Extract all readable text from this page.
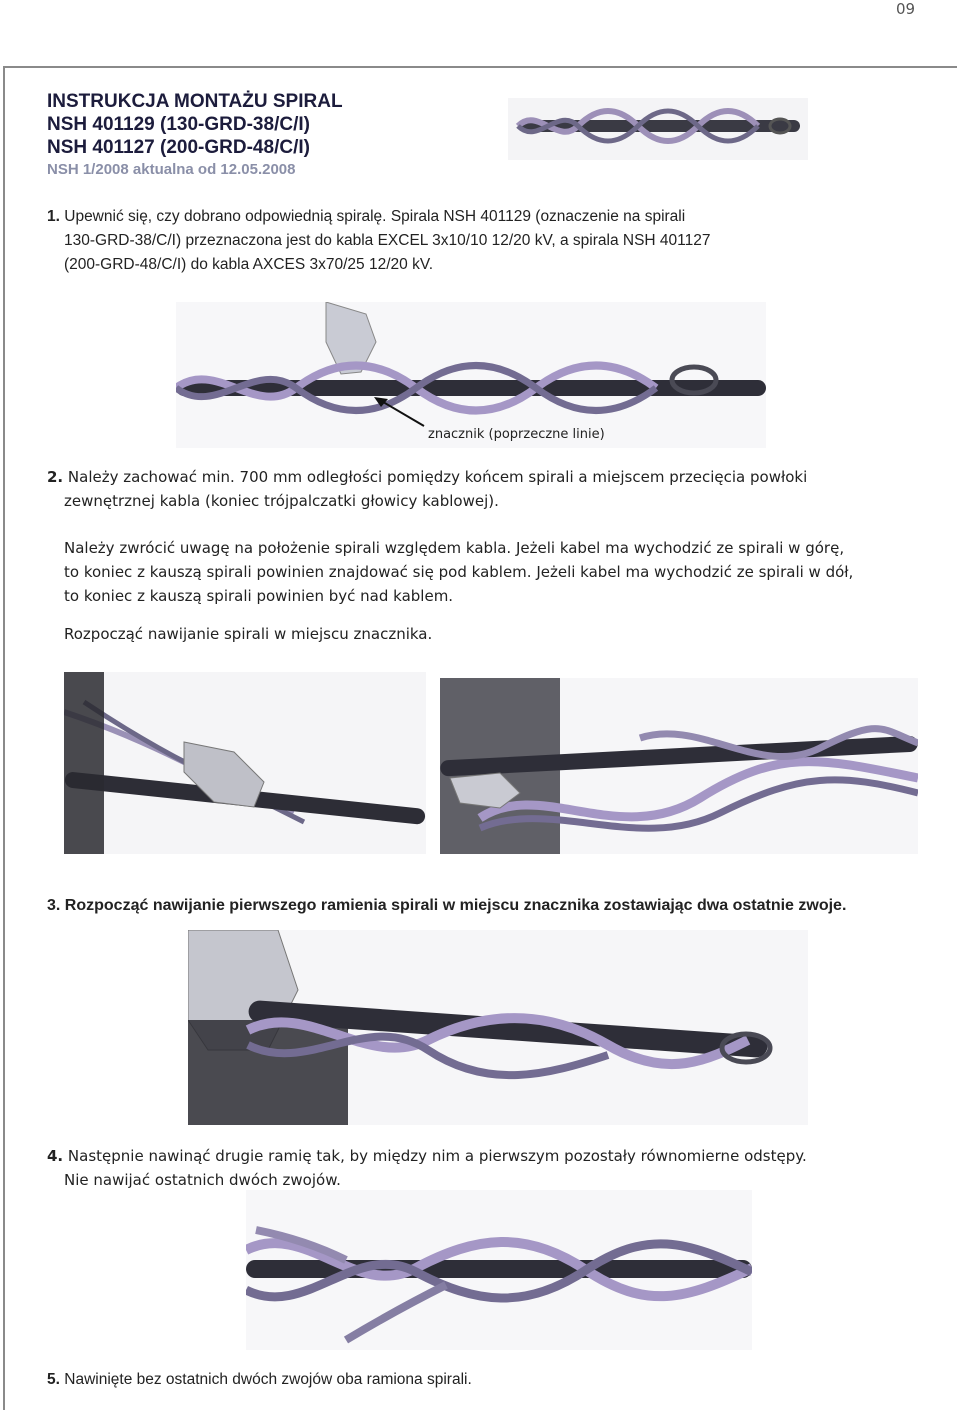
09
INSTRUKCJA MONTAŻU SPIRAL
NSH 401129 (130-GRD-38/C/I)
NSH 401127 (200-GRD-48/C/I)
NSH 1/2008 aktualna od 12.05.2008
1. Upewnić się, czy dobrano odpowiednią spiralę. Spirala NSH 401129 (oznaczenie na spirali

130-GRD-38/C/I) przeznaczona jest do kabla EXCEL 3x10/10 12/20 kV, a spirala NSH 401127
(200-GRD-48/C/I) do kabla AXCES 3x70/25 12/20 kV.
znacznik (poprzeczne linie)
2. Należy zachować min. 700 mm odległości pomiędzy końcem spirali a miejscem przecięcia powłoki
zewnętrznej kabla (koniec trójpalczatki głowicy kablowej).
Należy zwrócić uwagę na położenie spirali względem kabla. Jeżeli kabel ma wychodzić ze spirali w górę,
to koniec z kauszą spirali powinien znajdować się pod kablem. Jeżeli kabel ma wychodzić ze spirali w dół,
to koniec z kauszą spirali powinien być nad kablem.
Rozpocząć nawijanie spirali w miejscu znacznika.
3. Rozpocząć nawijanie pierwszego ramienia spirali w miejscu znacznika zostawiając dwa ostatnie zwoje.
4. Następnie nawinąć drugie ramię tak, by między nim a pierwszym pozostały równomierne odstępy.
Nie nawijać ostatnich dwóch zwojów.
5. Nawinięte bez ostatnich dwóch zwojów oba ramiona spirali.
